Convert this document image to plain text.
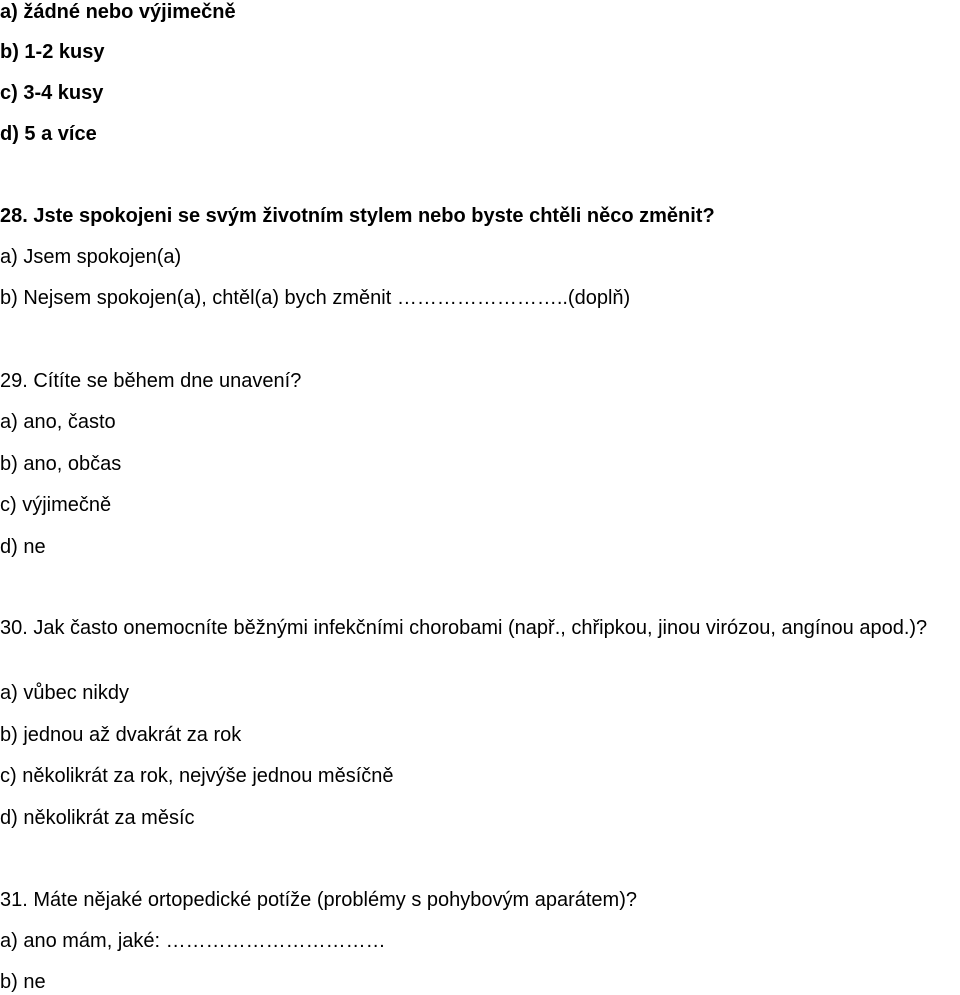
a) žádné nebo výjimečně
b) 1-2 kusy
c) 3-4 kusy
d) 5 a více
28. Jste spokojeni se svým životním stylem nebo byste chtěli něco změnit?
a) Jsem spokojen(a)
b) Nejsem spokojen(a), chtěl(a) bych změnit ……………………..(doplň)
29. Cítíte se během dne unavení?
a) ano, často
b) ano, občas
c) výjimečně
d) ne
30. Jak často onemocníte běžnými infekčními chorobami (např., chřipkou, jinou virózou, angínou apod.)?
a) vůbec nikdy
b) jednou až dvakrát za rok
c) několikrát za rok, nejvýše jednou měsíčně
d) několikrát za měsíc
31. Máte nějaké ortopedické potíže (problémy s pohybovým aparátem)?
a) ano mám, jaké: ……………………………
b) ne
